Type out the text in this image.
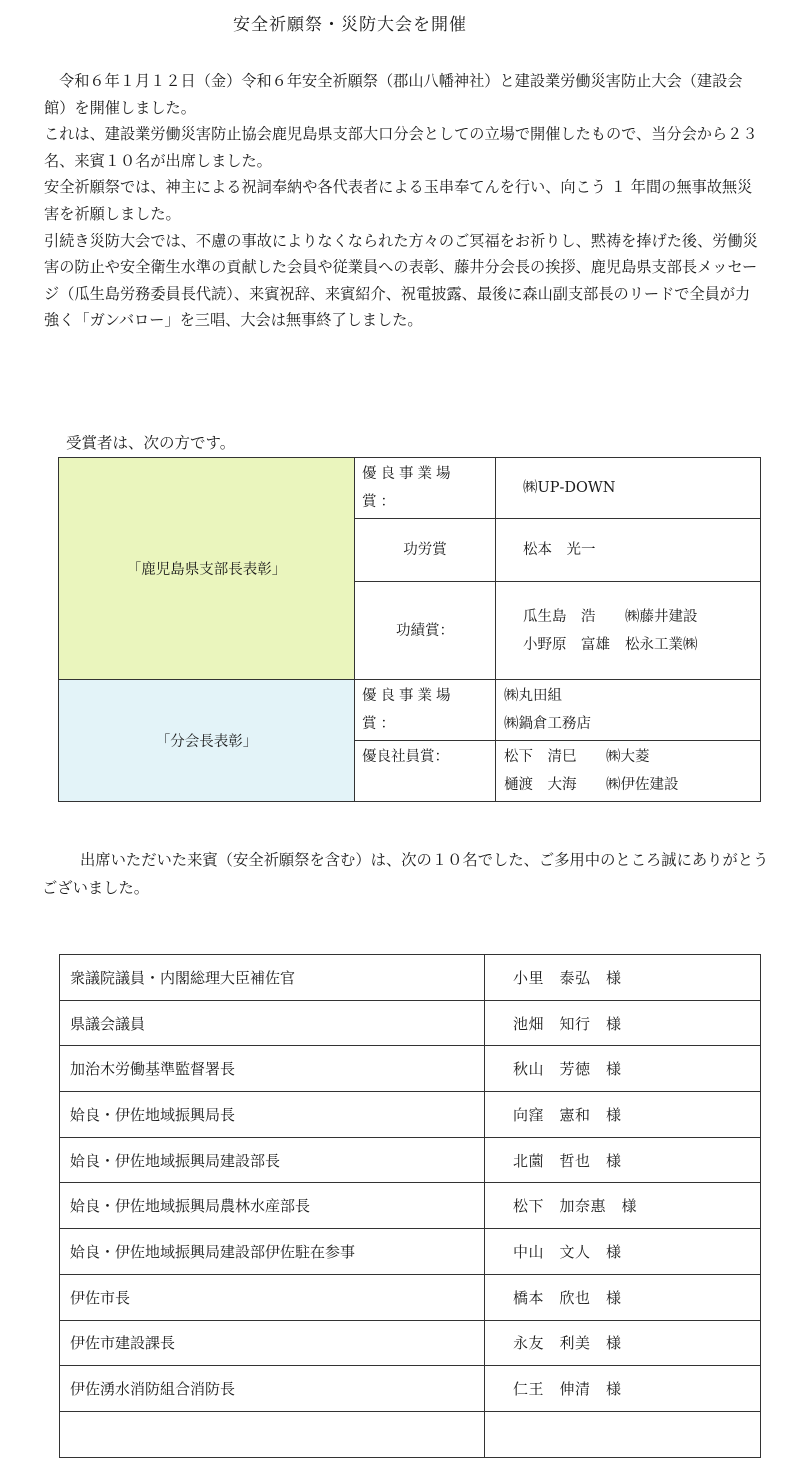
安全祈願祭・災防大会を開催

令和６年１月１２日（金）令和６年安全祈願祭（郡山八幡神社）と建設業労働災害防止大会（建設会館）を開催しました。

これは、建設業労働災害防止協会鹿児島県支部大口分会としての立場で開催したもので、当分会から２３名、来賓１０名が出席しました。

安全祈願祭では、神主による祝詞奉納や各代表者による玉串奉てんを行い、向こう １ 年間の無事故無災害を祈願しました。

引続き災防大会では、不慮の事故によりなくなられた方々のご冥福をお祈りし、黙祷を捧げた後、労働災害の防止や安全衛生水準の貢献した会員や従業員への表彰、藤井分会長の挨拶、鹿児島県支部長メッセージ（瓜生島労務委員長代読）、来賓祝辞、来賓紹介、祝電披露、最後に森山副支部長のリードで全員が力強く「ガンバロー」を三唱、大会は無事終了しました。

受賞者は、次の方です。
「鹿児島県支部長表彰」	優良事業場賞：	㈱UP‐DOWN
	功労賞	松本　光一
	功績賞：	瓜生島　浩 ㈱藤井建設
小野原　富雄 松永工業㈱

「分会長表彰」	優良事業場賞：	㈱丸田組
㈱鍋倉工務店

	優良社員賞：	松下　清巳 ㈱大菱
樋渡　大海 ㈱伊佐建設
出席いただいた来賓（安全祈願祭を含む）は、次の１０名でした、ご多用中のところ誠にありがとうございました。
衆議院議員・内閣総理大臣補佐官	小里　泰弘　様
県議会議員	池畑　知行　様
加治木労働基準監督署長	秋山　芳徳　様
姶良・伊佐地域振興局長	向窪　憲和　様
姶良・伊佐地域振興局建設部長	北薗　哲也　様
姶良・伊佐地域振興局農林水産部長	松下　加奈惠　様
姶良・伊佐地域振興局建設部伊佐駐在参事	中山　文人　様
伊佐市長	橋本　欣也　様
伊佐市建設課長	永友　利美　様
伊佐湧水消防組合消防長	仁王　伸清　様
